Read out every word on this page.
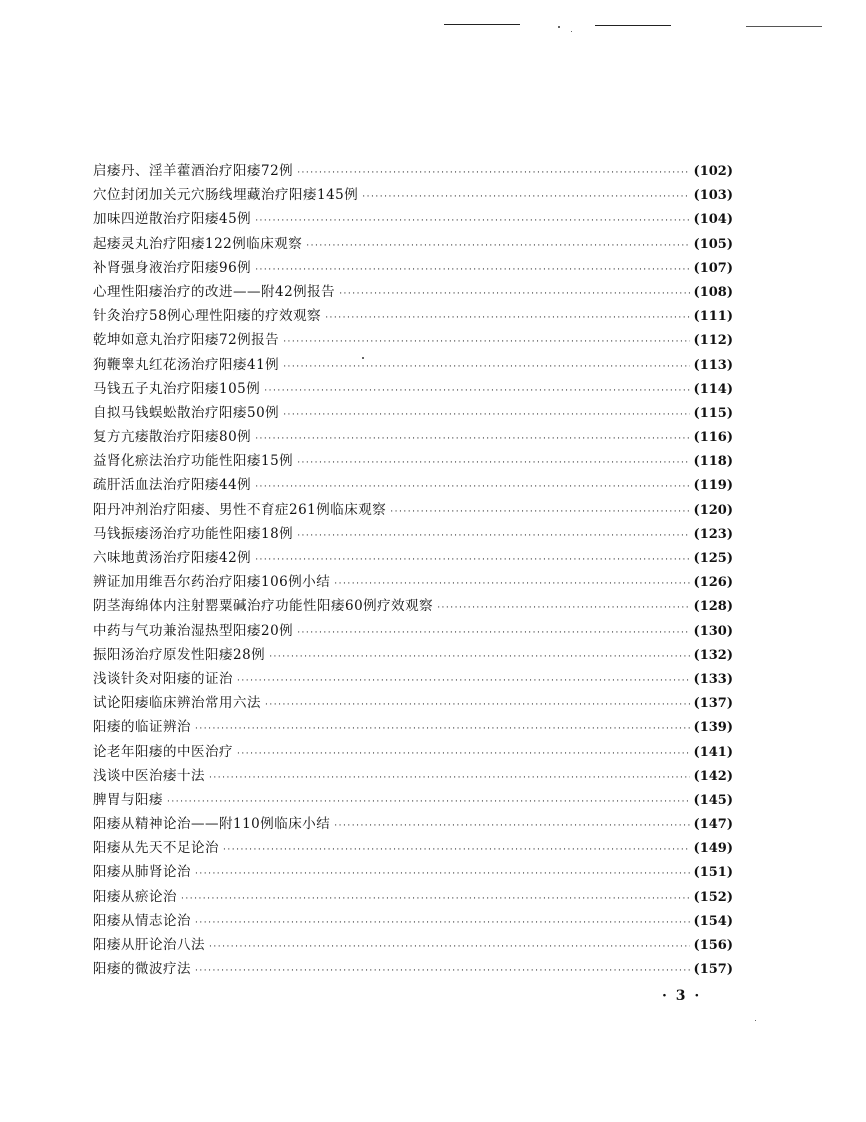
启痿丹、淫羊藿酒治疗阳痿72例 ·····	(102)
穴位封闭加关元穴肠线埋藏治疗阳痿145例 ·····	(103)
加味四逆散治疗阳痿45例 ·····	(104)
起痿灵丸治疗阳痿122例临床观察 ·····	(105)
补肾强身液治疗阳痿96例 ·····	(107)
心理性阳痿治疗的改进——附42例报告 ·····	(108)
针灸治疗58例心理性阳痿的疗效观察 ·····	(111)
乾坤如意丸治疗阳痿72例报告 ·····	(112)
狗鞭睾丸红花汤治疗阳痿41例 ·····	(113)
马钱五子丸治疗阳痿105例 ·····	(114)
自拟马钱蜈蚣散治疗阳痿50例 ·····	(115)
复方亢痿散治疗阳痿80例 ·····	(116)
益肾化瘀法治疗功能性阳痿15例 ·····	(118)
疏肝活血法治疗阳痿44例 ·····	(119)
阳丹冲剂治疗阳痿、男性不育症261例临床观察 ·····	(120)
马钱振痿汤治疗功能性阳痿18例 ·····	(123)
六味地黄汤治疗阳痿42例 ·····	(125)
辨证加用维吾尔药治疗阳痿106例小结 ·····	(126)
阴茎海绵体内注射罂粟碱治疗功能性阳痿60例疗效观察 ·····	(128)
中药与气功兼治湿热型阳痿20例 ·····	(130)
振阳汤治疗原发性阳痿28例 ·····	(132)
浅谈针灸对阳痿的证治 ·····	(133)
试论阳痿临床辨治常用六法 ·····	(137)
阳痿的临证辨治 ·····	(139)
论老年阳痿的中医治疗 ·····	(141)
浅谈中医治痿十法 ·····	(142)
脾胃与阳痿 ·····	(145)
阳痿从精神论治——附110例临床小结 ·····	(147)
阳痿从先天不足论治 ·····	(149)
阳痿从肺肾论治 ·····	(151)
阳痿从瘀论治 ·····	(152)
阳痿从情志论治 ·····	(154)
阳痿从肝论治八法 ·····	(156)
阳痿的微波疗法 ·····	(157)
· 3 ·
